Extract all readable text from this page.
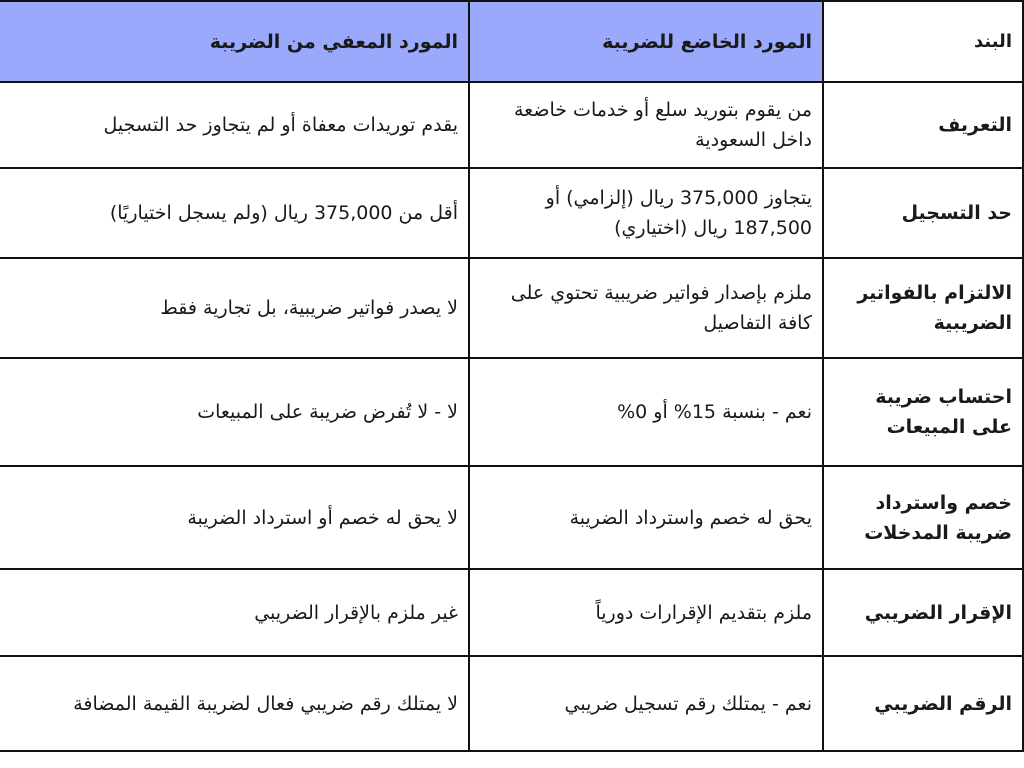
البند	المورد الخاضع للضريبة	المورد المعفي من الضريبة
التعريف	من يقوم بتوريد سلع أو خدمات خاضعة داخل السعودية	يقدم توريدات معفاة أو لم يتجاوز حد التسجيل
حد التسجيل	يتجاوز 375,000 ريال (إلزامي) أو 187,500 ريال (اختياري)	أقل من 375,000 ريال (ولم يسجل اختياريًا)
الالتزام بالفواتير الضريبية	ملزم بإصدار فواتير ضريبية تحتوي على كافة التفاصيل	لا يصدر فواتير ضريبية، بل تجارية فقط
احتساب ضريبة على المبيعات	نعم - بنسبة 15% أو 0%	لا - لا تُفرض ضريبة على المبيعات
خصم واسترداد ضريبة المدخلات	يحق له خصم واسترداد الضريبة	لا يحق له خصم أو استرداد الضريبة
الإقرار الضريبي	ملزم بتقديم الإقرارات دورياً	غير ملزم بالإقرار الضريبي
الرقم الضريبي	نعم - يمتلك رقم تسجيل ضريبي	لا يمتلك رقم ضريبي فعال لضريبة القيمة المضافة
